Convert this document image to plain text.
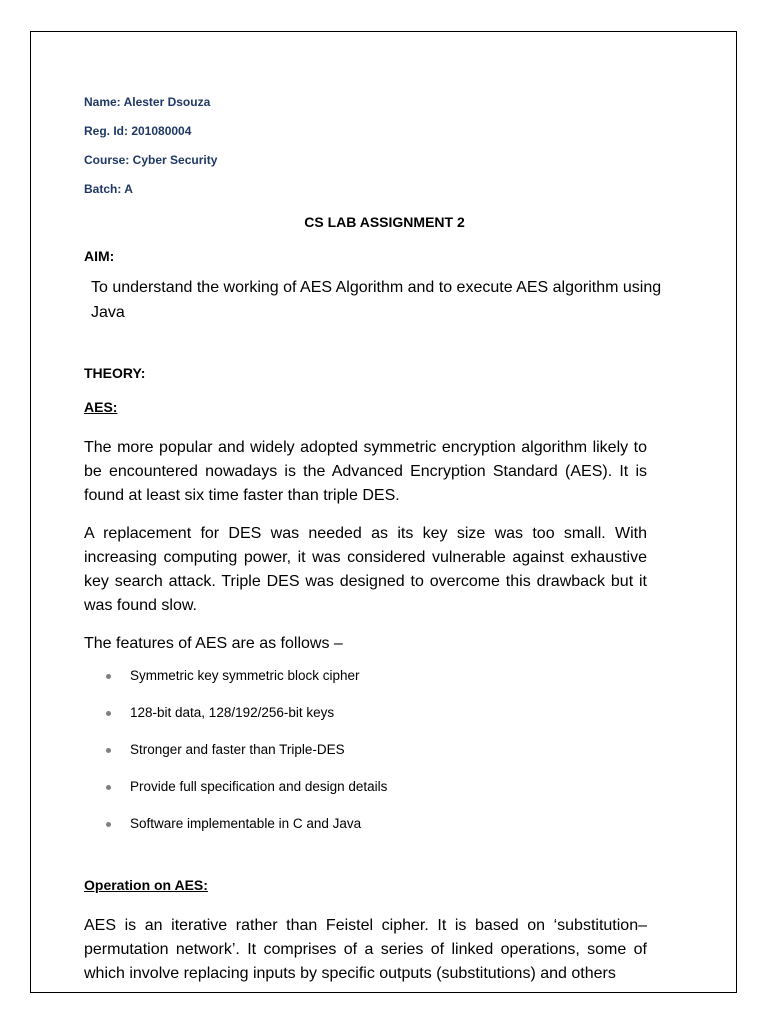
Name: Alester Dsouza
Reg. Id: 201080004
Course: Cyber Security
Batch: A
CS LAB ASSIGNMENT 2
AIM:
To understand the working of AES Algorithm and to execute AES algorithm using Java
THEORY:
AES:
The more popular and widely adopted symmetric encryption algorithm likely to be encountered nowadays is the Advanced Encryption Standard (AES). It is found at least six time faster than triple DES.
A replacement for DES was needed as its key size was too small. With increasing computing power, it was considered vulnerable against exhaustive key search attack. Triple DES was designed to overcome this drawback but it was found slow.
The features of AES are as follows –
Symmetric key symmetric block cipher
128-bit data, 128/192/256-bit keys
Stronger and faster than Triple-DES
Provide full specification and design details
Software implementable in C and Java
Operation on AES:
AES is an iterative rather than Feistel cipher. It is based on ‘substitution–permutation network’. It comprises of a series of linked operations, some of which involve replacing inputs by specific outputs (substitutions) and others
